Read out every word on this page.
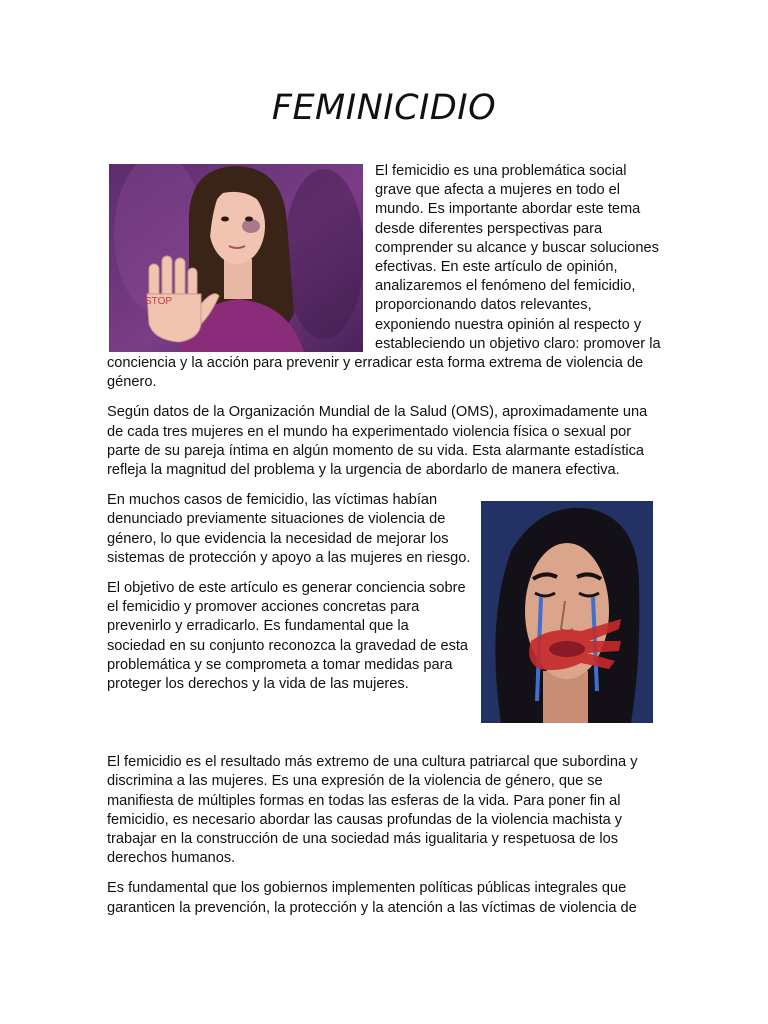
FEMINICIDIO
STOP

El femicidio es una problemática social grave que afecta a mujeres en todo el mundo. Es importante abordar este tema desde diferentes perspectivas para comprender su alcance y buscar soluciones efectivas. En este artículo de opinión, analizaremos el fenómeno del femicidio, proporcionando datos relevantes, exponiendo nuestra opinión al respecto y estableciendo un objetivo claro: promover la conciencia y la acción para prevenir y erradicar esta forma extrema de violencia de género.

Según datos de la Organización Mundial de la Salud (OMS), aproximadamente una de cada tres mujeres en el mundo ha experimentado violencia física o sexual por parte de su pareja íntima en algún momento de su vida. Esta alarmante estadística refleja la magnitud del problema y la urgencia de abordarlo de manera efectiva.

En muchos casos de femicidio, las víctimas habían denunciado previamente situaciones de violencia de género, lo que evidencia la necesidad de mejorar los sistemas de protección y apoyo a las mujeres en riesgo.

El objetivo de este artículo es generar conciencia sobre el femicidio y promover acciones concretas para prevenirlo y erradicarlo. Es fundamental que la sociedad en su conjunto reconozca la gravedad de esta problemática y se comprometa a tomar medidas para proteger los derechos y la vida de las mujeres.

El femicidio es el resultado más extremo de una cultura patriarcal que subordina y discrimina a las mujeres. Es una expresión de la violencia de género, que se manifiesta de múltiples formas en todas las esferas de la vida. Para poner fin al femicidio, es necesario abordar las causas profundas de la violencia machista y trabajar en la construcción de una sociedad más igualitaria y respetuosa de los derechos humanos.

Es fundamental que los gobiernos implementen políticas públicas integrales que garanticen la prevención, la protección y la atención a las víctimas de violencia de
